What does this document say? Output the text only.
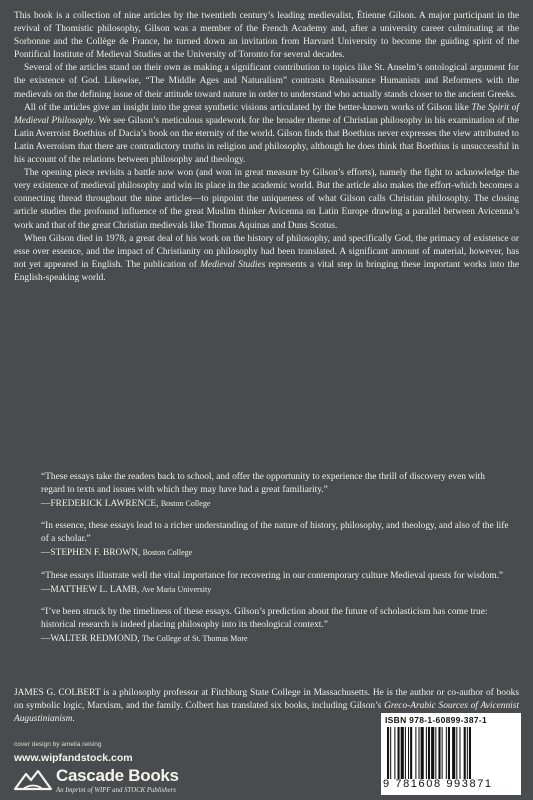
This book is a collection of nine articles by the twentieth century’s leading medievalist, Étienne Gilson. A major participant in the revival of Thomistic philosophy, Gilson was a member of the French Academy and, after a university career culminating at the Sorbonne and the Collège de France, he turned down an invitation from Harvard University to become the guiding spirit of the Pontifical Institute of Medieval Studies at the University of Toronto for several decades.

Several of the articles stand on their own as making a significant contribution to topics like St. Anselm’s ontological argument for the existence of God. Likewise, “The Middle Ages and Naturalism” contrasts Renaissance Humanists and Reformers with the medievals on the defining issue of their attitude toward nature in order to understand who actually stands closer to the ancient Greeks.

All of the articles give an insight into the great synthetic visions articulated by the better-known works of Gilson like The Spirit of Medieval Philosophy. We see Gilson’s meticulous spadework for the broader theme of Christian philosophy in his examination of the Latin Averroist Boethius of Dacia’s book on the eternity of the world. Gilson finds that Boethius never expresses the view attributed to Latin Averroism that there are contradictory truths in religion and philosophy, although he does think that Boethius is unsuccessful in his account of the relations between philosophy and theology.

The opening piece revisits a battle now won (and won in great measure by Gilson’s efforts), namely the fight to acknowledge the very existence of medieval philosophy and win its place in the academic world. But the article also makes the effort-which becomes a connecting thread throughout the nine articles—to pinpoint the uniqueness of what Gilson calls Christian philosophy. The closing article studies the profound influence of the great Muslim thinker Avicenna on Latin Europe drawing a parallel between Avicenna’s work and that of the great Christian medievals like Thomas Aquinas and Duns Scotus.

When Gilson died in 1978, a great deal of his work on the history of philosophy, and specifically God, the primacy of existence or esse over essence, and the impact of Christianity on philosophy had been translated. A significant amount of material, however, has not yet appeared in English. The publication of Medieval Studies represents a vital step in bringing these important works into the English-speaking world.

“These essays take the readers back to school, and offer the opportunity to experience the thrill of discovery even with regard to texts and issues with which they may have had a great familiarity.”
—FREDERICK LAWRENCE, Boston College
“In essence, these essays lead to a richer understanding of the nature of history, philosophy, and theology, and also of the life of a scholar.”
—STEPHEN F. BROWN, Boston College
“These essays illustrate well the vital importance for recovering in our contemporary culture Medieval quests for wisdom.”
—MATTHEW L. LAMB, Ave Maria University
“I’ve been struck by the timeliness of these essays. Gilson’s prediction about the future of scholasticism has come true: historical research is indeed placing philosophy into its theological context.”
—WALTER REDMOND, The College of St. Thomas More
JAMES G. COLBERT is a philosophy professor at Fitchburg State College in Massachusetts. He is the author or co-author of books on symbolic logic, Marxism, and the family. Colbert has translated six books, including Gilson’s Greco-Arabic Sources of Avicennist Augustinianism.
cover design by amelia reising
www.wipfandstock.com
Cascade Books
An Imprint of WIPF and STOCK Publishers
ISBN 978-1-60899-387-1
9 781608 993871
